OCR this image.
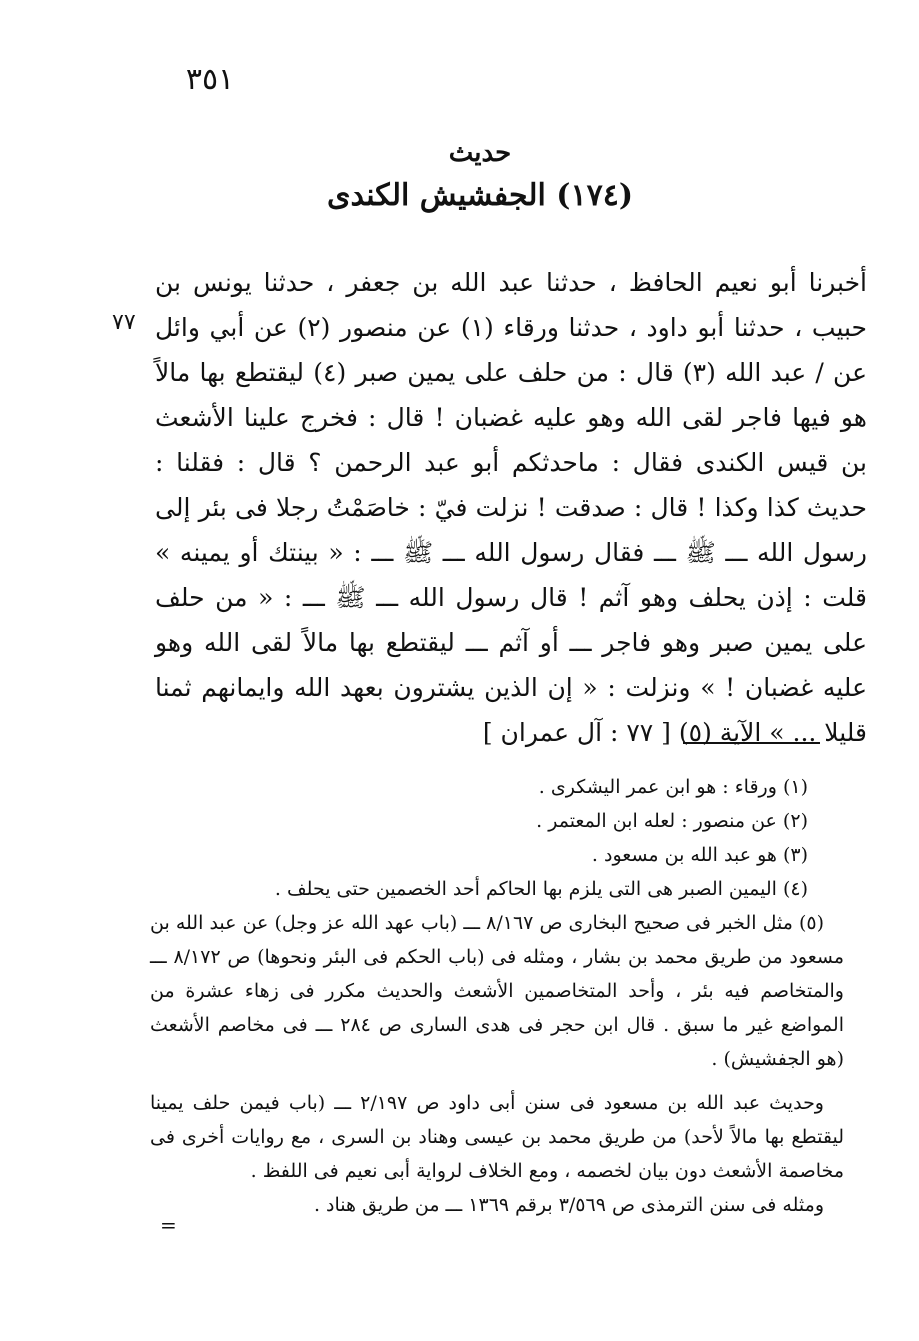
٣٥١
حديث
(١٧٤) الجفشيش الكندى
٧٧

أخبرنا أبو نعيم الحافظ ، حدثنا عبد الله بن جعفر ، حدثنا يونس بن حبيب ، حدثنا أبو داود ، حدثنا ورقاء (١) عن منصور (٢) عن أبي وائل عن / عبد الله (٣) قال : من حلف على يمين صبر (٤) ليقتطع بها مالاً هو فيها فاجر لقى الله وهو عليه غضبان ! قال : فخرج علينا الأشعث بن قيس الكندى فقال : ماحدثكم أبو عبد الرحمن ؟ قال : فقلنا : حديث كذا وكذا ! قال : صدقت ! نزلت فيّ : خاصَمْتُ رجلا فى بئر إلى رسول الله ـــ ﷺ ـــ فقال رسول الله ـــ ﷺ ـــ : « بينتك أو يمينه » قلت : إذن يحلف وهو آثم ! قال رسول الله ـــ ﷺ ـــ : « من حلف على يمين صبر وهو فاجر ـــ أو آثم ـــ ليقتطع بها مالاً لقى الله وهو عليه غضبان ! » ونزلت : « إن الذين يشترون بعهد الله وايمانهم ثمنا قليلا ... » الآية (٥) [ ٧٧ : آل عمران ]

(١) ورقاء : هو ابن عمر اليشكرى .
(٢) عن منصور : لعله ابن المعتمر .
(٣) هو عبد الله بن مسعود .
(٤) اليمين الصبر هى التى يلزم بها الحاكم أحد الخصمين حتى يحلف .
(٥) مثل الخبر فى صحيح البخارى ص ٨/١٦٧ ـــ (باب عهد الله عز وجل) عن عبد الله بن مسعود من طريق محمد بن بشار ، ومثله فى (باب الحكم فى البئر ونحوها) ص ٨/١٧٢ ـــ والمتخاصم فيه بئر ، وأحد المتخاصمين الأشعث والحديث مكرر فى زهاء عشرة من المواضع غير ما سبق . قال ابن حجر فى هدى السارى ص ٢٨٤ ـــ فى مخاصم الأشعث (هو الجفشيش) .
وحديث عبد الله بن مسعود فى سنن أبى داود ص ٢/١٩٧ ـــ (باب فيمن حلف يمينا ليقتطع بها مالاً لأحد) من طريق محمد بن عيسى وهناد بن السرى ، مع روايات أخرى فى مخاصمة الأشعث دون بيان لخصمه ، ومع الخلاف لرواية أبى نعيم فى اللفظ .
ومثله فى سنن الترمذى ص ٣/٥٦٩ برقم ١٣٦٩ ـــ من طريق هناد .
=
